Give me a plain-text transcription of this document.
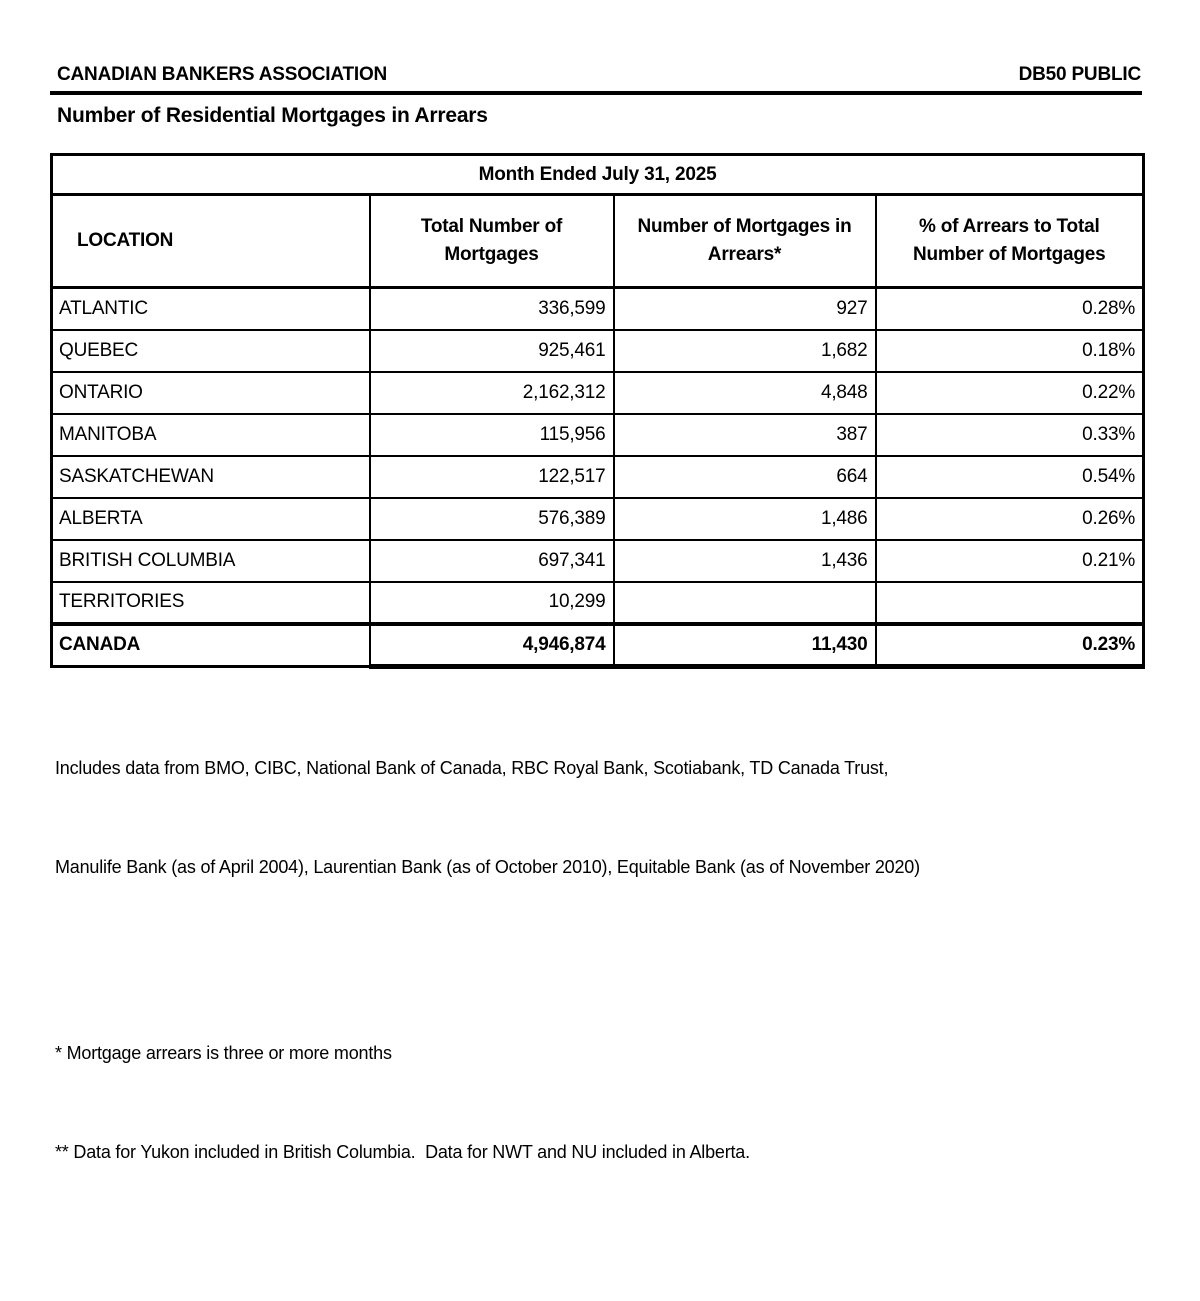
CANADIAN BANKERS ASSOCIATION	DB50 PUBLIC
Number of Residential Mortgages in Arrears
Month Ended July 31, 2025			
LOCATION	Total Number of Mortgages	Number of Mortgages in Arrears*	% of Arrears to Total Number of Mortgages
ATLANTIC	336,599	927	0.28%
QUEBEC	925,461	1,682	0.18%
ONTARIO	2,162,312	4,848	0.22%
MANITOBA	115,956	387	0.33%
SASKATCHEWAN	122,517	664	0.54%
ALBERTA	576,389	1,486	0.26%
BRITISH COLUMBIA	697,341	1,436	0.21%
TERRITORIES	10,299		
CANADA	4,946,874	11,430	0.23%

Includes data from BMO, CIBC, National Bank of Canada, RBC Royal Bank, Scotiabank, TD Canada Trust,

Manulife Bank (as of April 2004), Laurentian Bank (as of October 2010), Equitable Bank (as of November 2020)

* Mortgage arrears is three or more months

** Data for Yukon included in British Columbia.  Data for NWT and NU included in Alberta.
